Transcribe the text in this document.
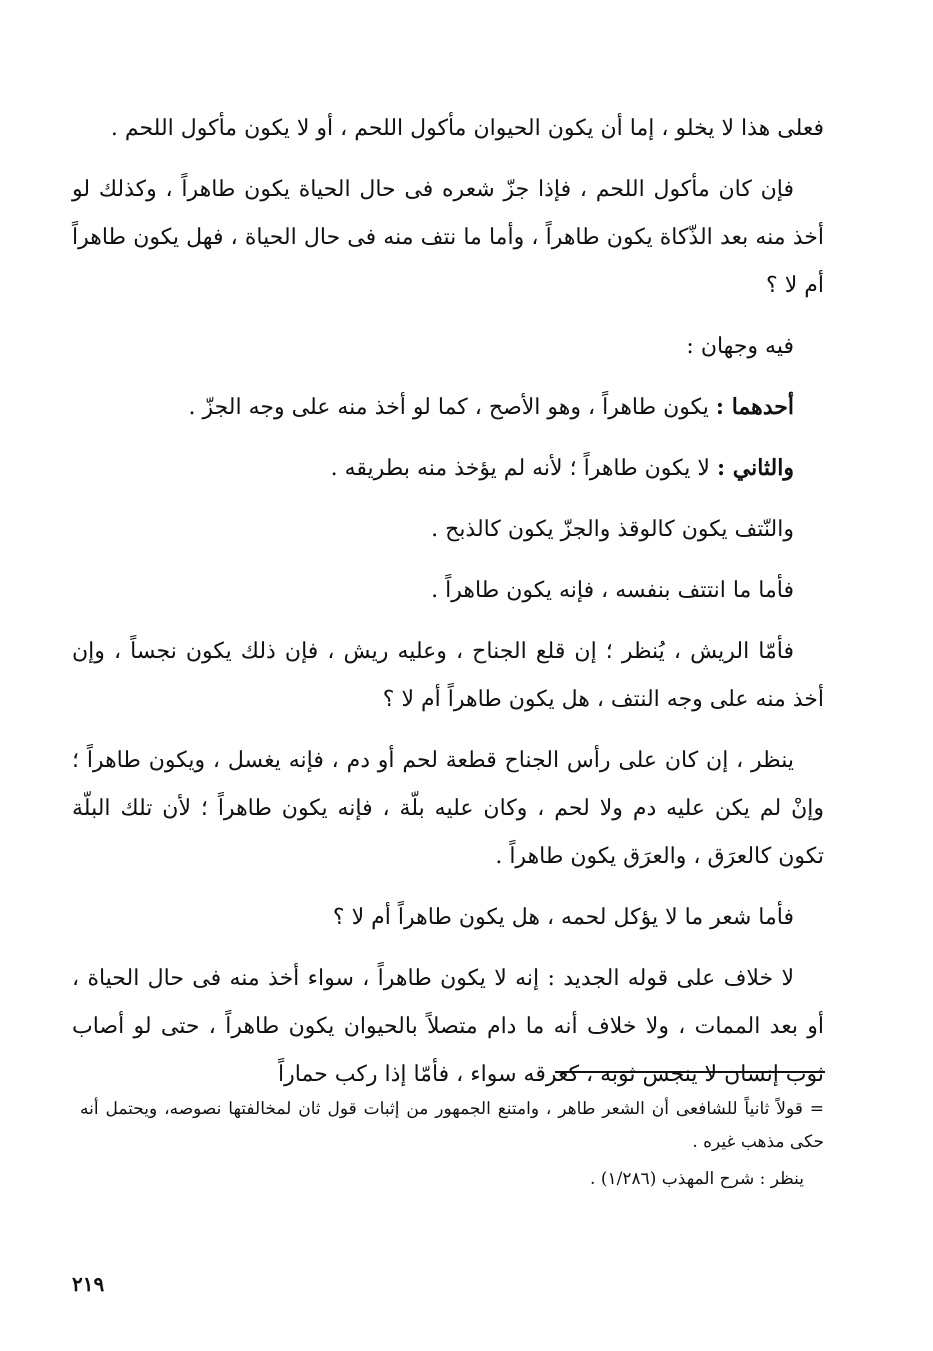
فعلى هذا لا يخلو ، إما أن يكون الحيوان مأكول اللحم ، أو لا يكون مأكول اللحم .

فإن كان مأكول اللحم ، فإذا جزّ شعره فى حال الحياة يكون طاهراً ، وكذلك لو أخذ منه بعد الذّكاة يكون طاهراً ، وأما ما نتف منه فى حال الحياة ، فهل يكون طاهراً أم لا ؟

فيه وجهان :

أحدهما : يكون طاهراً ، وهو الأصح ، كما لو أخذ منه على وجه الجزّ .

والثاني : لا يكون طاهراً ؛ لأنه لم يؤخذ منه بطريقه .

والنّتف يكون كالوقذ والجزّ يكون كالذبح .

فأما ما انتتف بنفسه ، فإنه يكون طاهراً .

فأمّا الريش ، يُنظر ؛ إن قلع الجناح ، وعليه ريش ، فإن ذلك يكون نجساً ، وإن أخذ منه على وجه النتف ، هل يكون طاهراً أم لا ؟

ينظر ، إن كان على رأس الجناح قطعة لحم أو دم ، فإنه يغسل ، ويكون طاهراً ؛ وإنْ لم يكن عليه دم ولا لحم ، وكان عليه بلّة ، فإنه يكون طاهراً ؛ لأن تلك البلّة تكون كالعرَق ، والعرَق يكون طاهراً .

فأما شعر ما لا يؤكل لحمه ، هل يكون طاهراً أم لا ؟

لا خلاف على قوله الجديد : إنه لا يكون طاهراً ، سواء أخذ منه فى حال الحياة ، أو بعد الممات ، ولا خلاف أنه ما دام متصلاً بالحيوان يكون طاهراً ، حتى لو أصاب ثوب إنسان لا ينجس ثوبه ، كعرقه سواء ، فأمّا إذا ركب حماراً

= قولاً ثانياً للشافعى أن الشعر طاهر ، وامتنع الجمهور من إثبات قول ثان لمخالفتها نصوصه، ويحتمل أنه حكى مذهب غيره .

ينظر : شرح المهذب (١/٢٨٦) .

٢١٩
